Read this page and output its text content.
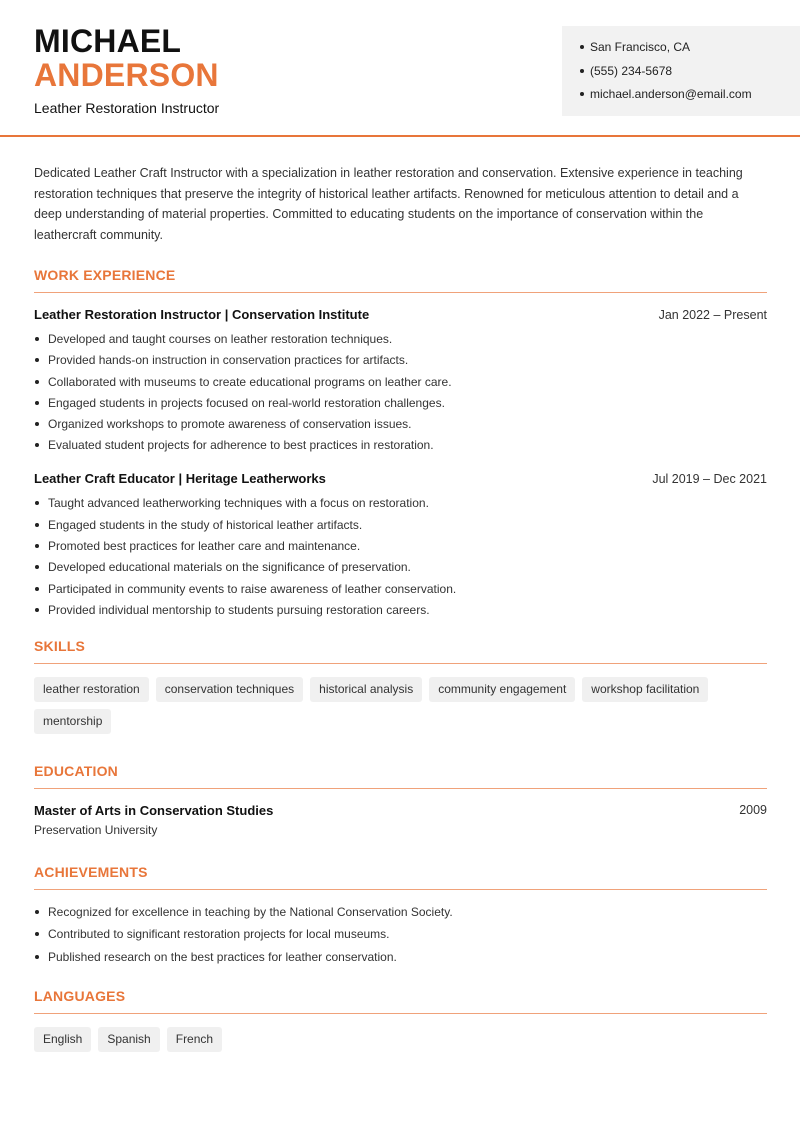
MICHAEL
ANDERSON
Leather Restoration Instructor
San Francisco, CA
(555) 234-5678
michael.anderson@email.com

Dedicated Leather Craft Instructor with a specialization in leather restoration and conservation. Extensive experience in teaching restoration techniques that preserve the integrity of historical leather artifacts. Renowned for meticulous attention to detail and a deep understanding of material properties. Committed to educating students on the importance of conservation within the leathercraft community.

WORK EXPERIENCE
Leather Restoration Instructor | Conservation Institute	Jan 2022 – Present
Developed and taught courses on leather restoration techniques.
Provided hands-on instruction in conservation practices for artifacts.
Collaborated with museums to create educational programs on leather care.
Engaged students in projects focused on real-world restoration challenges.
Organized workshops to promote awareness of conservation issues.
Evaluated student projects for adherence to best practices in restoration.
Leather Craft Educator | Heritage Leatherworks	Jul 2019 – Dec 2021
Taught advanced leatherworking techniques with a focus on restoration.
Engaged students in the study of historical leather artifacts.
Promoted best practices for leather care and maintenance.
Developed educational materials on the significance of preservation.
Participated in community events to raise awareness of leather conservation.
Provided individual mentorship to students pursuing restoration careers.
SKILLS
leather restoration	conservation techniques	historical analysis	community engagement	workshop facilitation
mentorship
EDUCATION
Master of Arts in Conservation Studies	2009
Preservation University
ACHIEVEMENTS
Recognized for excellence in teaching by the National Conservation Society.
Contributed to significant restoration projects for local museums.
Published research on the best practices for leather conservation.
LANGUAGES
English	Spanish	French
